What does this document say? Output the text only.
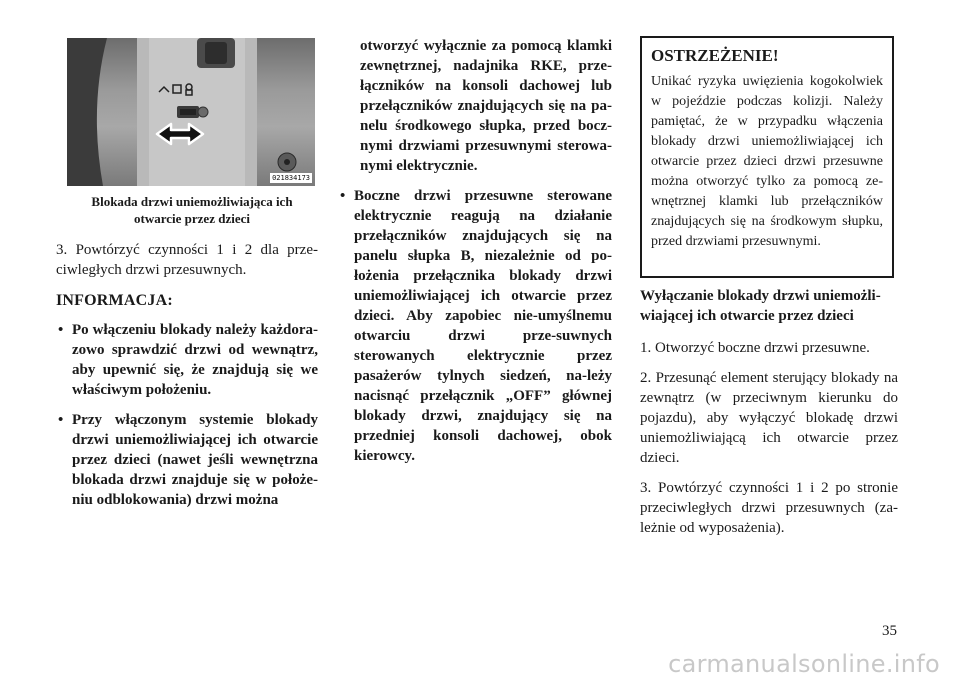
021834173
Blokada drzwi uniemożliwiająca ich
otwarcie przez dzieci

3. Powtórzyć czynności 1 i 2 dla prze-ciwległych drzwi przesuwnych.

INFORMACJA:

• Po włączeniu blokady należy każdora-zowo sprawdzić drzwi od wewnątrz, aby upewnić się, że znajdują się we właściwym położeniu.
• Przy włączonym systemie blokady drzwi uniemożliwiającej ich otwarcie przez dzieci (nawet jeśli wewnętrzna blokada drzwi znajduje się w położe-niu odblokowania) drzwi można

otworzyć wyłącznie za pomocą klamki zewnętrznej, nadajnika RKE, prze-łączników na konsoli dachowej lub przełączników znajdujących się na pa-nelu środkowego słupka, przed bocz-nymi drzwiami przesuwnymi sterowa-nymi elektrycznie.

• Boczne drzwi przesuwne sterowane elektrycznie reagują na działanie przełączników znajdujących się na panelu słupka B, niezależnie od po-łożenia przełącznika blokady drzwi uniemożliwiającej ich otwarcie przez dzieci. Aby zapobiec nie-umyślnemu otwarciu drzwi prze-suwnych sterowanych elektrycznie przez pasażerów tylnych siedzeń, na-leży nacisnąć przełącznik „OFF” głównej blokady drzwi, znajdujący się na przedniej konsoli dachowej, obok kierowcy.
OSTRZEŻENIE!
Unikać ryzyka uwięzienia kogokolwiek w pojeździe podczas kolizji. Należy pamiętać, że w przypadku włączenia blokady drzwi uniemożliwiającej ich otwarcie przez dzieci drzwi przesuwne można otworzyć tylko za pomocą ze-wnętrznej klamki lub przełączników znajdujących się na środkowym słupku, przed drzwiami przesuwnymi.

Wyłączanie blokady drzwi uniemożli-wiającej ich otwarcie przez dzieci

1. Otworzyć boczne drzwi przesuwne.

2. Przesunąć element sterujący blokady na zewnątrz (w przeciwnym kierunku do pojazdu), aby wyłączyć blokadę drzwi uniemożliwiającą ich otwarcie przez dzieci.

3. Powtórzyć czynności 1 i 2 po stronie przeciwległych drzwi przesuwnych (za-leżnie od wyposażenia).

35
carmanualsonline.info
